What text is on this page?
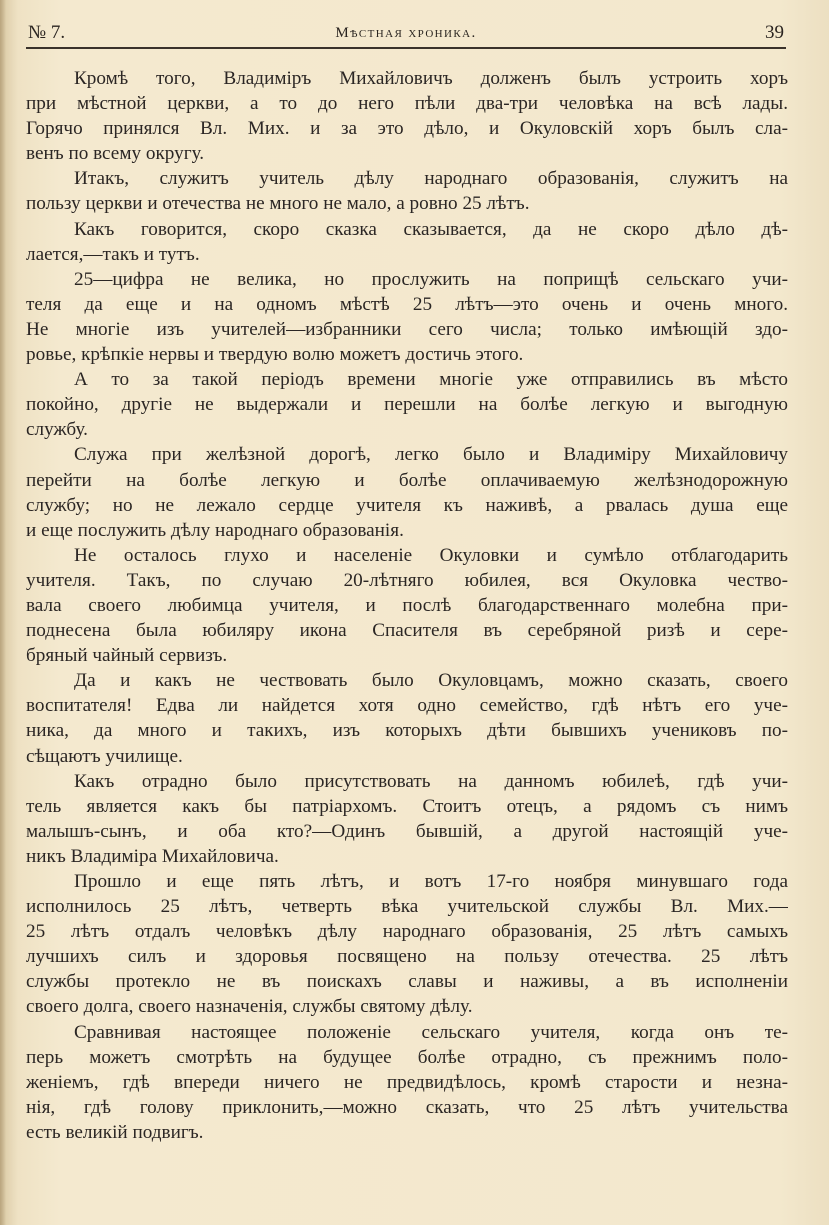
№ 7.	Мѣстная хроника.	39
Кромѣ того, Владиміръ Михайловичъ долженъ былъ устроить хоръ
при мѣстной церкви, а то до него пѣли два-три человѣка на всѣ лады.
Горячо принялся Вл. Мих. и за это дѣло, и Окуловскій хоръ былъ сла-
венъ по всему округу.
Итакъ, служитъ учитель дѣлу народнаго образованія, служитъ на
пользу церкви и отечества не много не мало, а ровно 25 лѣтъ.
Какъ говорится, скоро сказка сказывается, да не скоро дѣло дѣ-
лается,—такъ и тутъ.
25—цифра не велика, но прослужить на поприщѣ сельскаго учи-
теля да еще и на одномъ мѣстѣ 25 лѣтъ—это очень и очень много.
Не многіе изъ учителей—избранники сего числа; только имѣющій здо-
ровье, крѣпкіе нервы и твердую волю можетъ достичь этого.
А то за такой періодъ времени многіе уже отправились въ мѣсто
покойно, другіе не выдержали и перешли на болѣе легкую и выгодную
службу.
Служа при желѣзной дорогѣ, легко было и Владиміру Михайловичу
перейти на болѣе легкую и болѣе оплачиваемую желѣзнодорожную
службу; но не лежало сердце учителя къ наживѣ, а рвалась душа еще
и еще послужить дѣлу народнаго образованія.
Не осталось глухо и населеніе Окуловки и сумѣло отблагодарить
учителя. Такъ, по случаю 20-лѣтняго юбилея, вся Окуловка чество-
вала своего любимца учителя, и послѣ благодарственнаго молебна при-
поднесена была юбиляру икона Спасителя въ серебряной ризѣ и сере-
бряный чайный сервизъ.
Да и какъ не чествовать было Окуловцамъ, можно сказать, своего
воспитателя! Едва ли найдется хотя одно семейство, гдѣ нѣтъ его уче-
ника, да много и такихъ, изъ которыхъ дѣти бывшихъ учениковъ по-
сѣщаютъ училище.
Какъ отрадно было присутствовать на данномъ юбилеѣ, гдѣ учи-
тель является какъ бы патріархомъ. Стоитъ отецъ, а рядомъ съ нимъ
малышъ-сынъ, и оба кто?—Одинъ бывшій, а другой настоящій уче-
никъ Владиміра Михайловича.
Прошло и еще пять лѣтъ, и вотъ 17-го ноября минувшаго года
исполнилось 25 лѣтъ, четверть вѣка учительской службы Вл. Мих.—
25 лѣтъ отдалъ человѣкъ дѣлу народнаго образованія, 25 лѣтъ самыхъ
лучшихъ силъ и здоровья посвящено на пользу отечества. 25 лѣтъ
службы протекло не въ поискахъ славы и наживы, а въ исполненіи
своего долга, своего назначенія, службы святому дѣлу.
Сравнивая настоящее положеніе сельскаго учителя, когда онъ те-
перь можетъ смотрѣть на будущее болѣе отрадно, съ прежнимъ поло-
женіемъ, гдѣ впереди ничего не предвидѣлось, кромѣ старости и незна-
нія, гдѣ голову приклонить,—можно сказать, что 25 лѣтъ учительства
есть великій подвигъ.
